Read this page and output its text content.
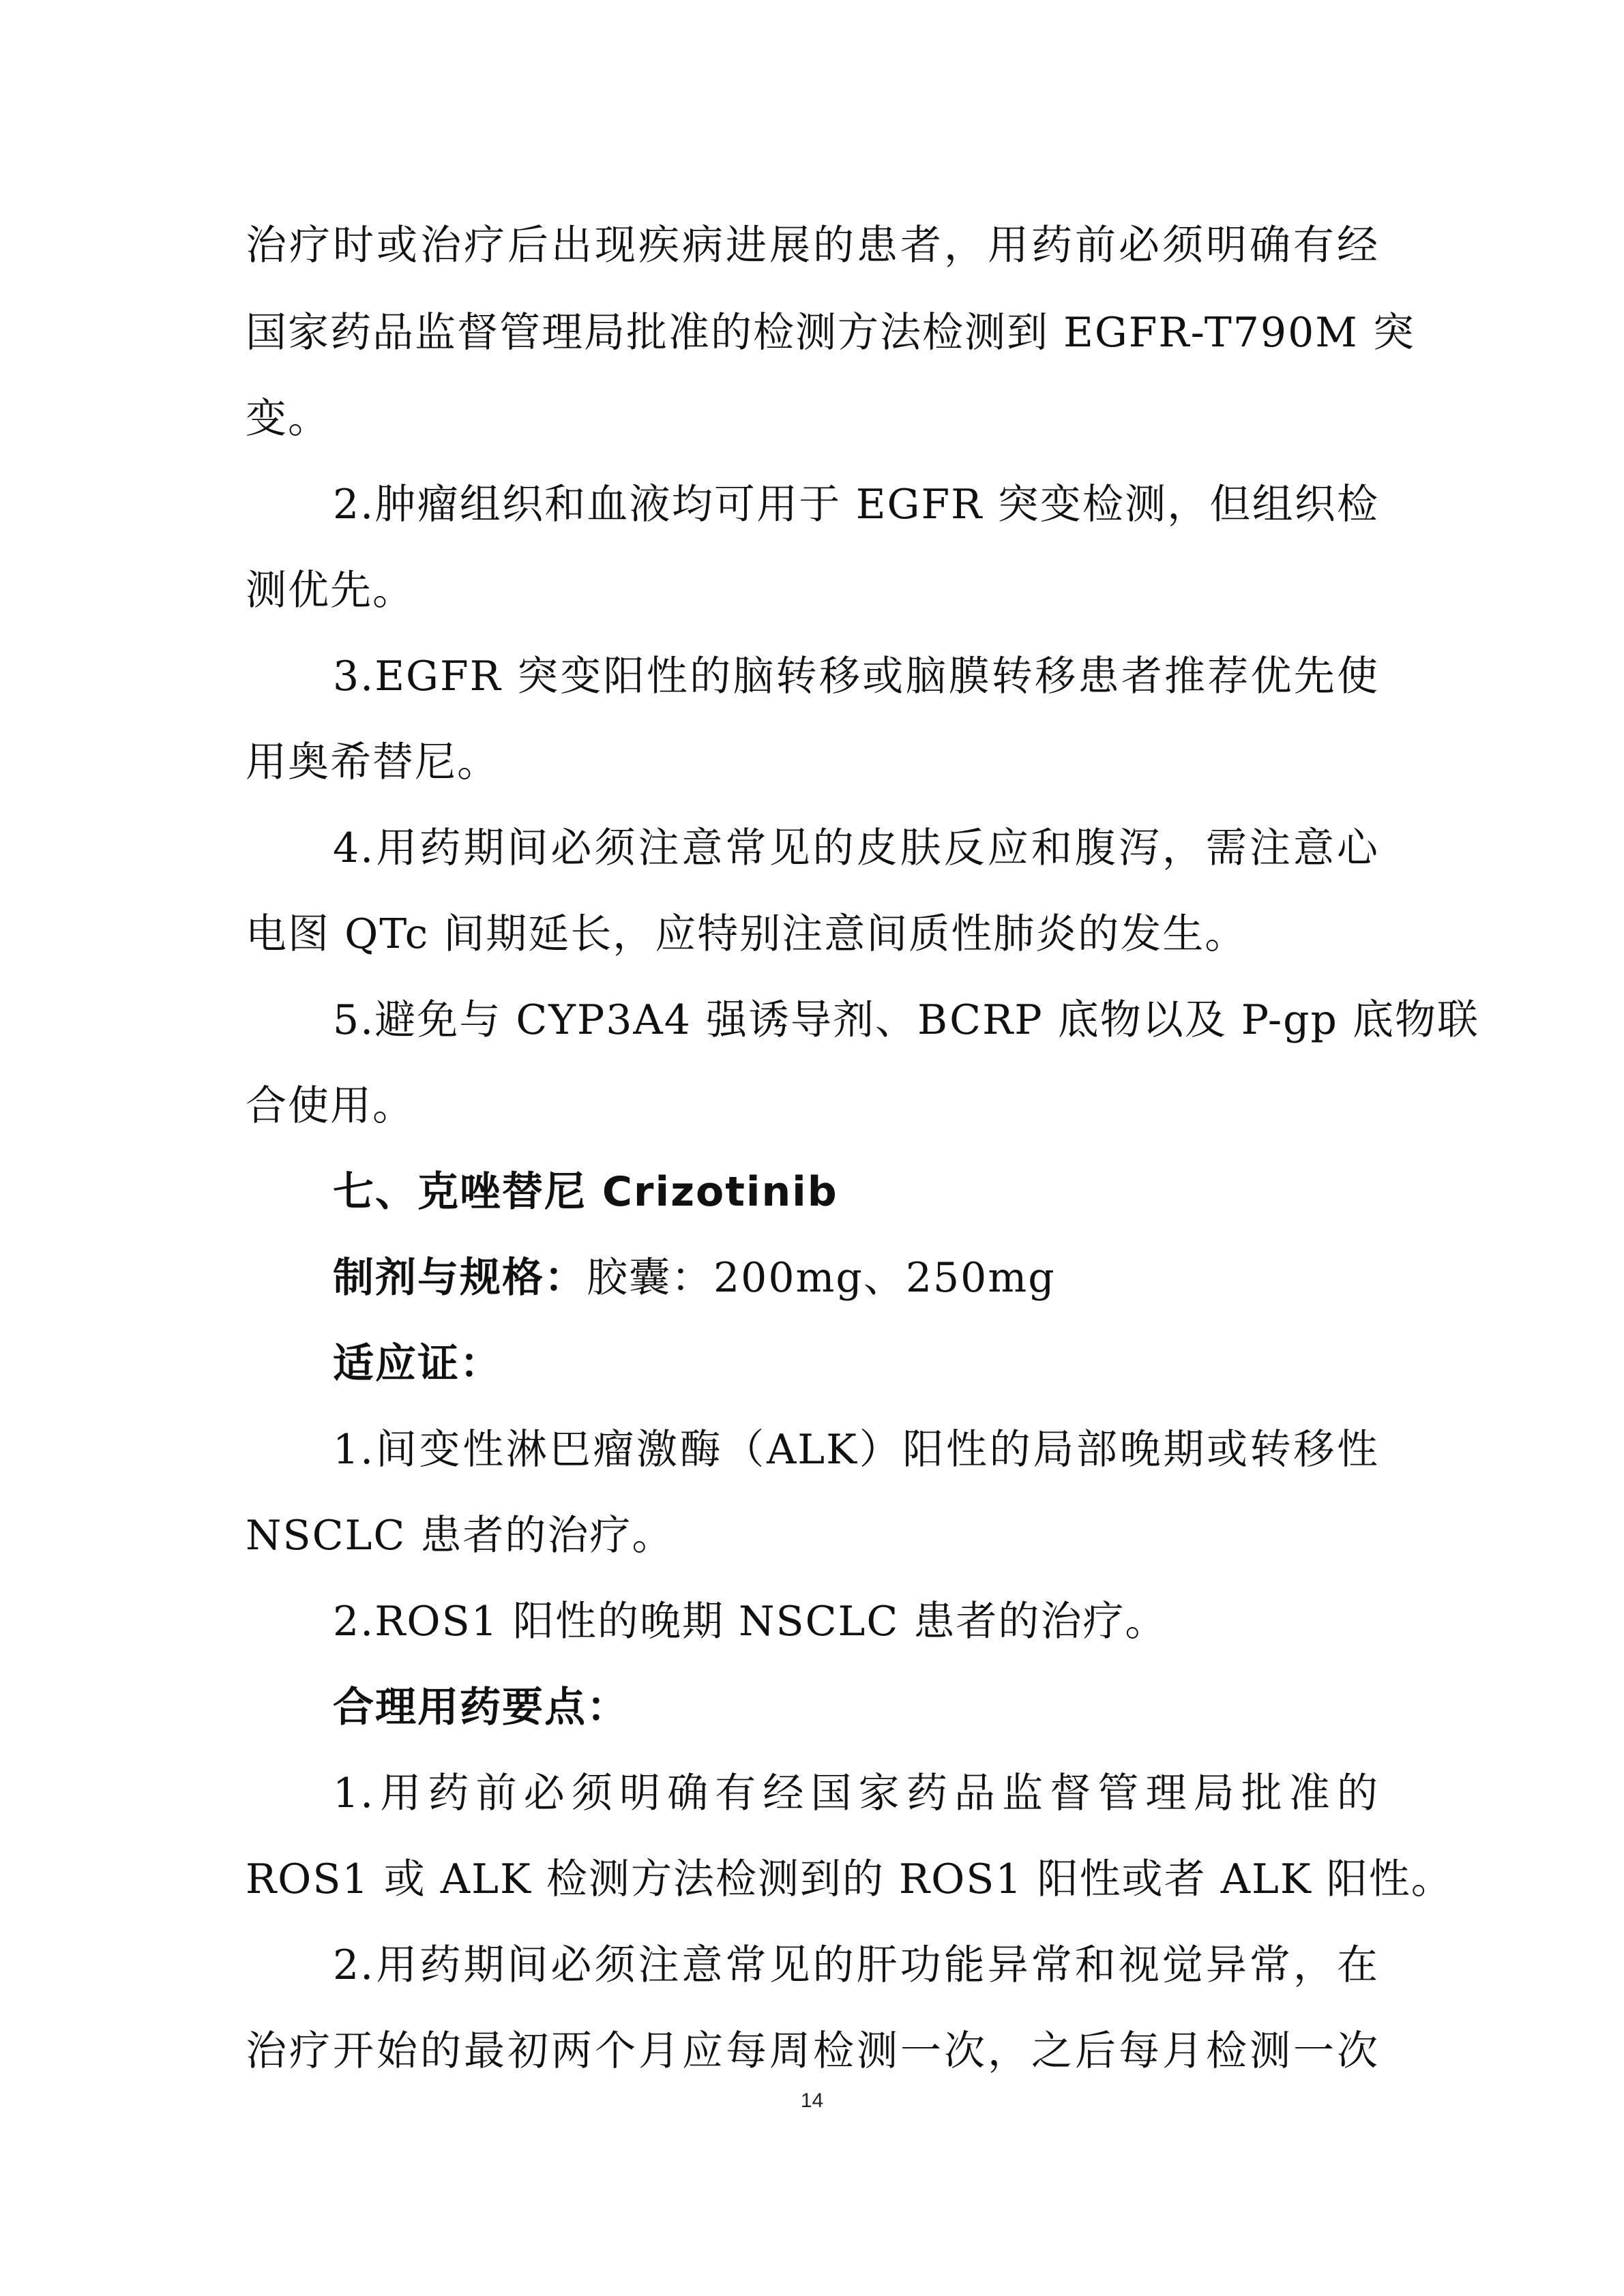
治疗时或治疗后出现疾病进展的患者，用药前必须明确有经
国家药品监督管理局批准的检测方法检测到 EGFR-T790M 突
变。
2.肿瘤组织和血液均可用于 EGFR 突变检测，但组织检
测优先。
3.EGFR 突变阳性的脑转移或脑膜转移患者推荐优先使
用奥希替尼。
4.用药期间必须注意常见的皮肤反应和腹泻，需注意心
电图 QTc 间期延长，应特别注意间质性肺炎的发生。
5.避免与 CYP3A4 强诱导剂、BCRP 底物以及 P-gp 底物联
合使用。
七、克唑替尼 Crizotinib
制剂与规格：胶囊：200mg、250mg
适应证：
1.间变性淋巴瘤激酶（ALK）阳性的局部晚期或转移性
NSCLC 患者的治疗。
2.ROS1 阳性的晚期 NSCLC 患者的治疗。
合理用药要点：
1.用药前必须明确有经国家药品监督管理局批准的
ROS1 或 ALK 检测方法检测到的 ROS1 阳性或者 ALK 阳性。
2.用药期间必须注意常见的肝功能异常和视觉异常，在
治疗开始的最初两个月应每周检测一次，之后每月检测一次
14
